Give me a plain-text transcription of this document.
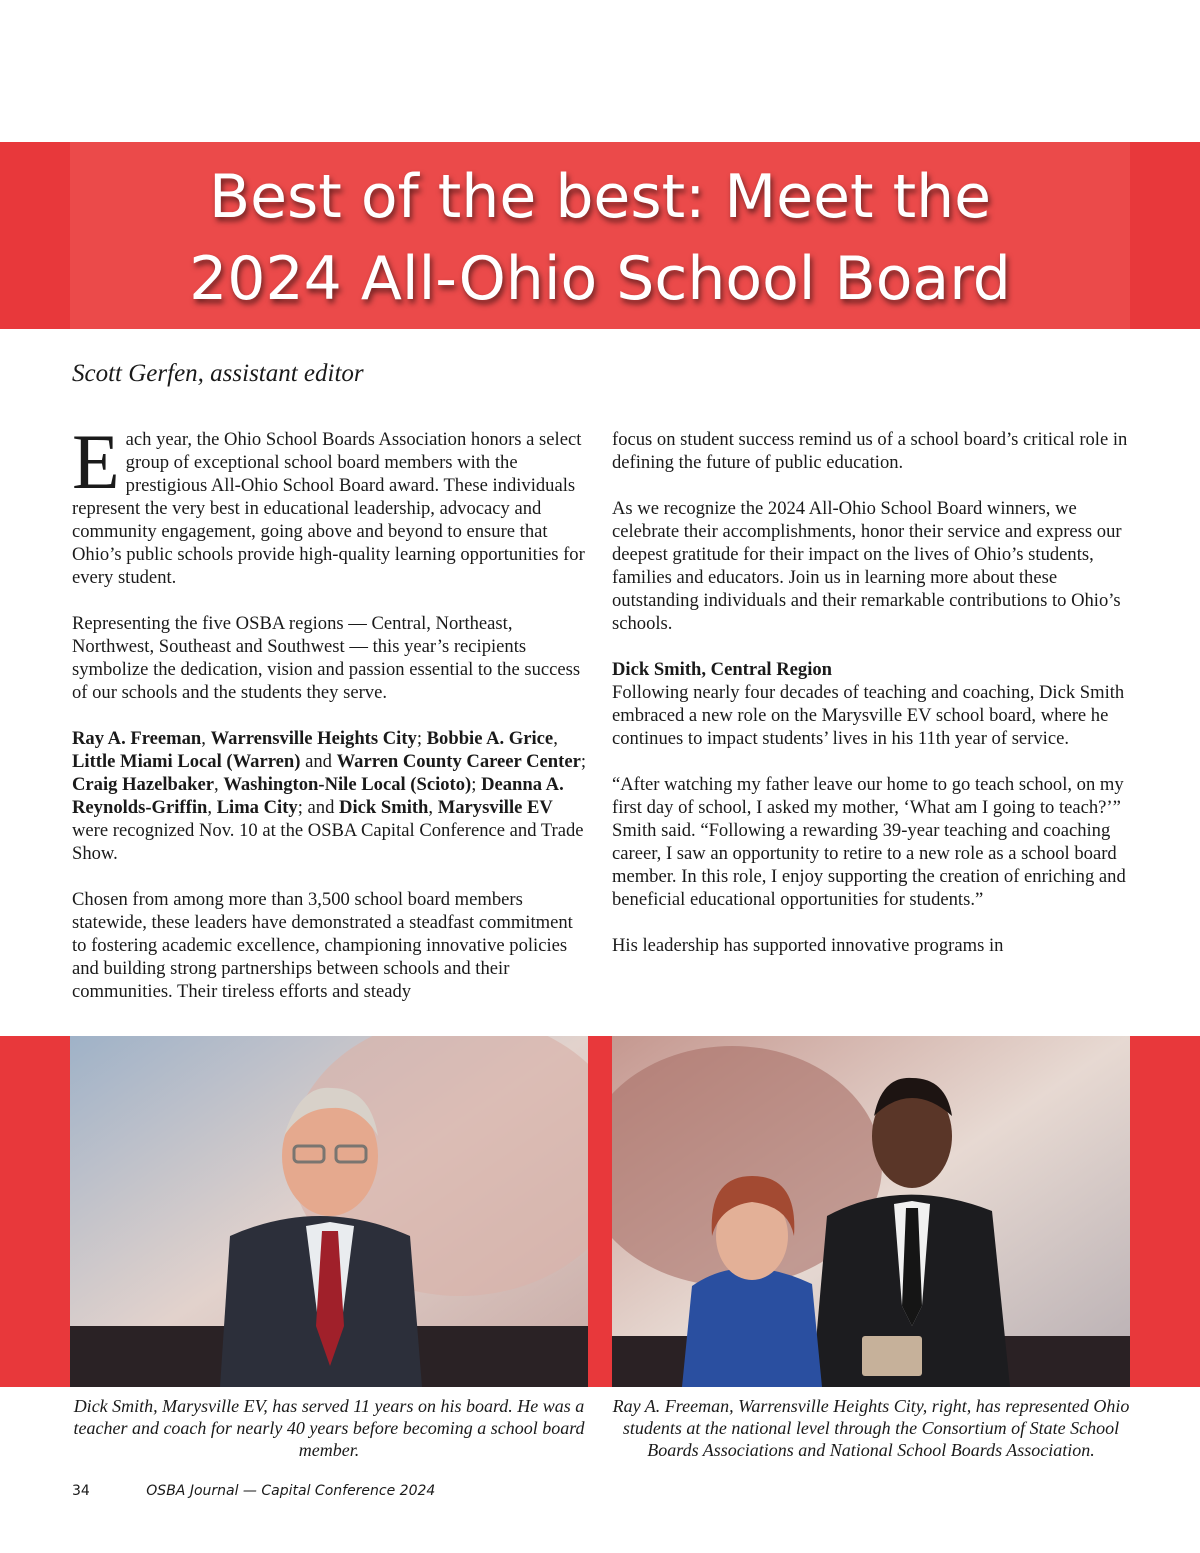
Best of the best: Meet the
2024 All-Ohio School Board
Scott Gerfen, assistant editor

Each year, the Ohio School Boards Association honors a select group of exceptional school board members with the prestigious All-Ohio School Board award. These individuals represent the very best in educational leadership, advocacy and community engagement, going above and beyond to ensure that Ohio’s public schools provide high-quality learning opportunities for every student.

Representing the five OSBA regions — Central, Northeast, Northwest, Southeast and Southwest — this year’s recipients symbolize the dedication, vision and passion essential to the success of our schools and the students they serve.

Ray A. Freeman, Warrensville Heights City; Bobbie A. Grice, Little Miami Local (Warren) and Warren County Career Center; Craig Hazelbaker, Washington-Nile Local (Scioto); Deanna A. Reynolds-Griffin, Lima City; and Dick Smith, Marysville EV were recognized Nov. 10 at the OSBA Capital Conference and Trade Show.

Chosen from among more than 3,500 school board members statewide, these leaders have demonstrated a steadfast commitment to fostering academic excellence, championing innovative policies and building strong partnerships between schools and their communities. Their tireless efforts and steady

focus on student success remind us of a school board’s critical role in defining the future of public education.

As we recognize the 2024 All-Ohio School Board winners, we celebrate their accomplishments, honor their service and express our deepest gratitude for their impact on the lives of Ohio’s students, families and educators. Join us in learning more about these outstanding individuals and their remarkable contributions to Ohio’s schools.

Dick Smith, Central Region
Following nearly four decades of teaching and coaching, Dick Smith embraced a new role on the Marysville EV school board, where he continues to impact students’ lives in his 11th year of service.

“After watching my father leave our home to go teach school, on my first day of school, I asked my mother, ‘What am I going to teach?’” Smith said. “Following a rewarding 39-year teaching and coaching career, I saw an opportunity to retire to a new role as a school board member. In this role, I enjoy supporting the creation of enriching and beneficial educational opportunities for students.”

His leadership has supported innovative programs in

Dick Smith, Marysville EV, has served 11 years on his board. He was a teacher and coach for nearly 40 years before becoming a school board member.
Ray A. Freeman, Warrensville Heights City, right, has represented Ohio students at the national level through the Consortium of State School Boards Associations and National School Boards Association.
34	OSBA Journal — Capital Conference 2024
